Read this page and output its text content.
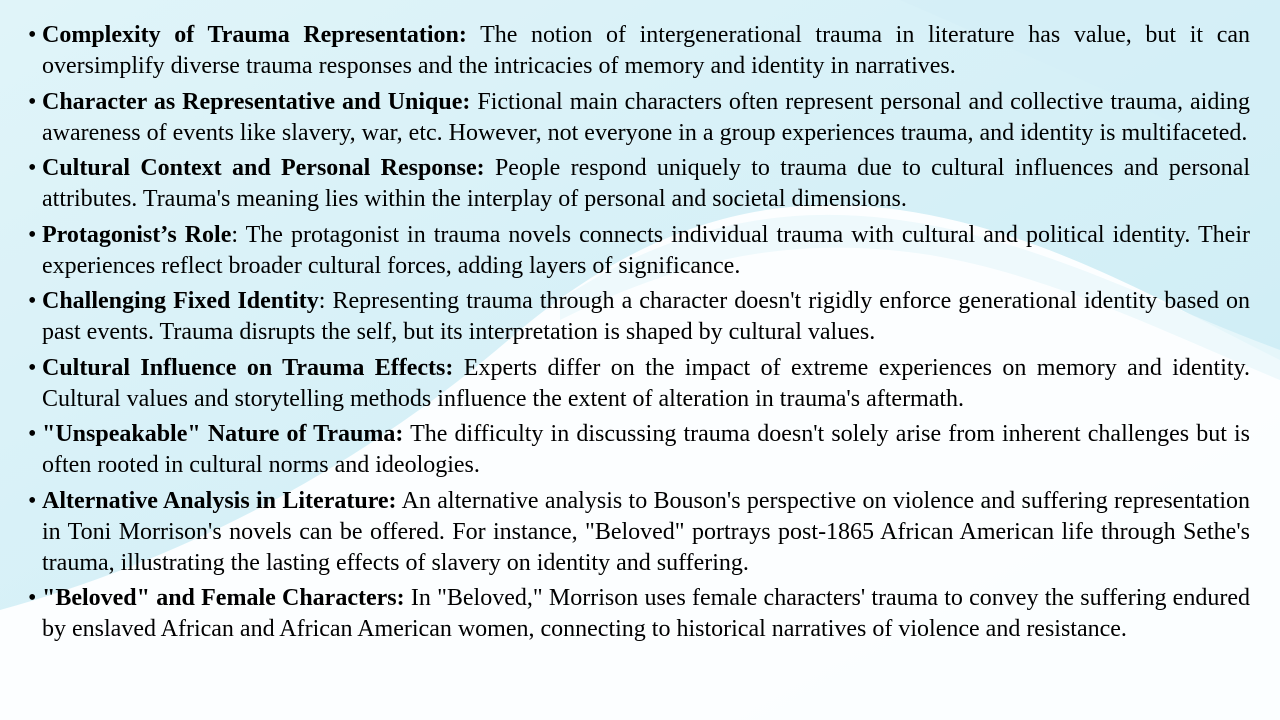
• Complexity of Trauma Representation: The notion of intergenerational trauma in literature has value, but it can oversimplify diverse trauma responses and the intricacies of memory and identity in narratives.
• Character as Representative and Unique: Fictional main characters often represent personal and collective trauma, aiding awareness of events like slavery, war, etc. However, not everyone in a group experiences trauma, and identity is multifaceted.
• Cultural Context and Personal Response: People respond uniquely to trauma due to cultural influences and personal attributes. Trauma's meaning lies within the interplay of personal and societal dimensions.
• Protagonist’s Role: The protagonist in trauma novels connects individual trauma with cultural and political identity. Their experiences reflect broader cultural forces, adding layers of significance.
• Challenging Fixed Identity: Representing trauma through a character doesn't rigidly enforce generational identity based on past events. Trauma disrupts the self, but its interpretation is shaped by cultural values.
• Cultural Influence on Trauma Effects: Experts differ on the impact of extreme experiences on memory and identity. Cultural values and storytelling methods influence the extent of alteration in trauma's aftermath.
• "Unspeakable" Nature of Trauma: The difficulty in discussing trauma doesn't solely arise from inherent challenges but is often rooted in cultural norms and ideologies.
• Alternative Analysis in Literature: An alternative analysis to Bouson's perspective on violence and suffering representation in Toni Morrison's novels can be offered. For instance, "Beloved" portrays post-1865 African American life through Sethe's trauma, illustrating the lasting effects of slavery on identity and suffering.
• "Beloved" and Female Characters: In "Beloved," Morrison uses female characters' trauma to convey the suffering endured by enslaved African and African American women, connecting to historical narratives of violence and resistance.
